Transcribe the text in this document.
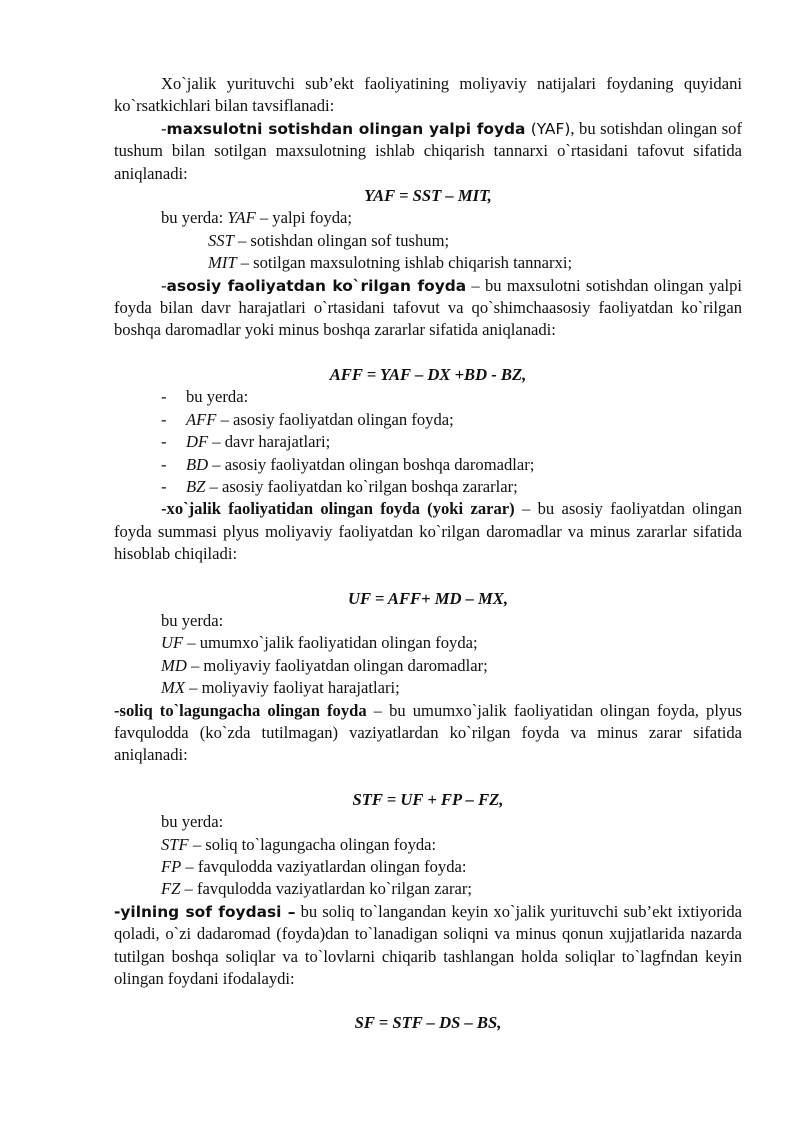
Xo`jalik yurituvchi sub’ekt faoliyatining moliyaviy natijalari foydaning quyidani ko`rsatkichlari bilan tavsiflanadi:

-maxsulotni sotishdan olingan yalpi foyda (YAF), bu sotishdan olingan sof tushum bilan sotilgan maxsulotning ishlab chiqarish tannarxi o`rtasidani tafovut sifatida aniqlanadi:

YAF = SST – MIT,

bu yerda: YAF – yalpi foyda;

SST – sotishdan olingan sof tushum;

MIT – sotilgan maxsulotning ishlab chiqarish tannarxi;

-asosiy faoliyatdan ko`rilgan foyda – bu maxsulotni sotishdan olingan yalpi foyda bilan davr harajatlari o`rtasidani tafovut va qo`shimchaasosiy faoliyatdan ko`rilgan boshqa daromadlar yoki minus boshqa zararlar sifatida aniqlanadi:

AFF = YAF – DX +BD - BZ,

- bu yerda:

- AFF – asosiy faoliyatdan olingan foyda;

- DF – davr harajatlari;

- BD – asosiy faoliyatdan olingan boshqa daromadlar;

- BZ – asosiy faoliyatdan ko`rilgan boshqa zararlar;

-xo`jalik faoliyatidan olingan foyda (yoki zarar) – bu asosiy faoliyatdan olingan foyda summasi plyus moliyaviy faoliyatdan ko`rilgan daromadlar va minus zararlar sifatida hisoblab chiqiladi:

UF = AFF+ MD – MX,

bu yerda:

UF – umumxo`jalik faoliyatidan olingan foyda;

MD – moliyaviy faoliyatdan olingan daromadlar;

MX – moliyaviy faoliyat harajatlari;

-soliq to`lagungacha olingan foyda – bu umumxo`jalik faoliyatidan olingan foyda, plyus favqulodda (ko`zda tutilmagan) vaziyatlardan ko`rilgan foyda va minus zarar sifatida aniqlanadi:

STF = UF + FP – FZ,

bu yerda:

STF – soliq to`lagungacha olingan foyda:

FP – favqulodda vaziyatlardan olingan foyda:

FZ – favqulodda vaziyatlardan ko`rilgan zarar;

-yilning sof foydasi – bu soliq to`langandan keyin xo`jalik yurituvchi sub’ekt ixtiyorida qoladi, o`zi dadaromad (foyda)dan to`lanadigan soliqni va minus qonun xujjatlarida nazarda tutilgan boshqa soliqlar va to`lovlarni chiqarib tashlangan holda soliqlar to`lagfndan keyin olingan foydani ifodalaydi:

SF = STF – DS – BS,
